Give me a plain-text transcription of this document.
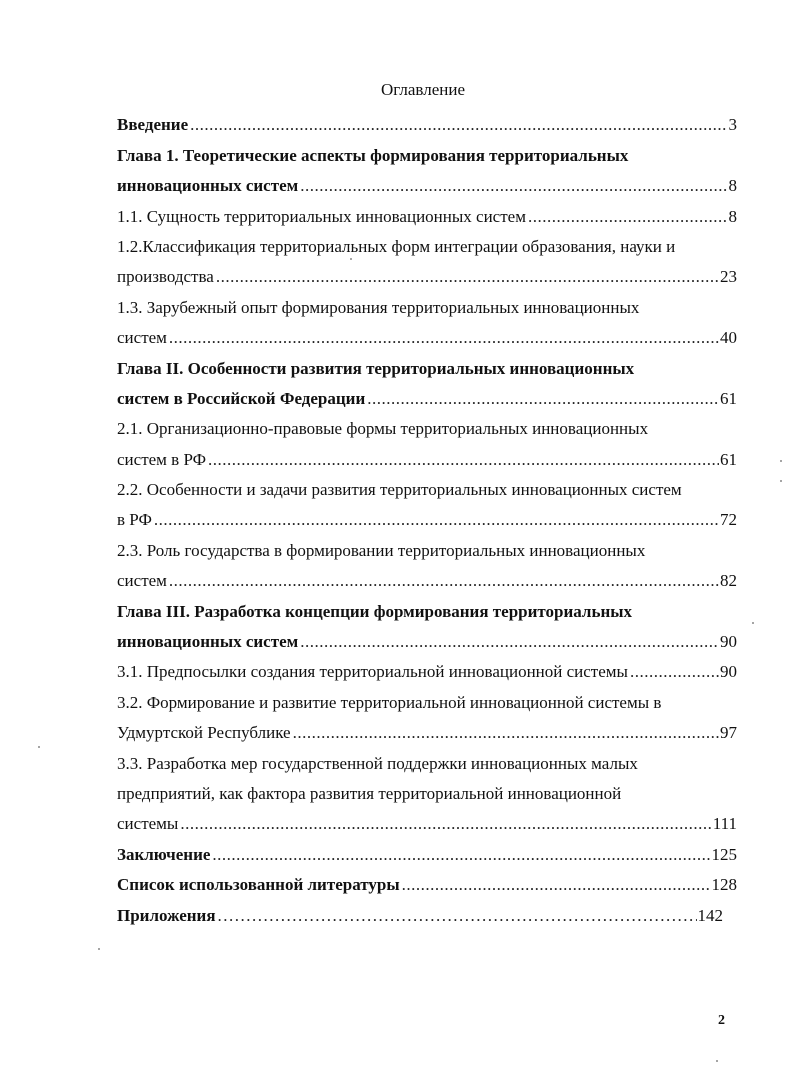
Оглавление
Введение .....	3
Глава 1. Теоретические аспекты формирования территориальных
инновационных систем .....	8
1.1. Сущность территориальных инновационных систем .....	8
1.2.Классификация территориальных форм интеграции образования, науки и
производства .....	23
1.3. Зарубежный опыт формирования территориальных инновационных
систем .....	40
Глава II. Особенности развития территориальных инновационных
систем в Российской Федерации .....	61
2.1. Организационно-правовые формы территориальных инновационных
систем в РФ .....	61
2.2. Особенности и задачи развития территориальных инновационных систем
в РФ .....	72
2.3. Роль государства в формировании территориальных инновационных
систем .....	82
Глава III. Разработка концепции формирования территориальных
инновационных систем .....	90
3.1. Предпосылки создания территориальной инновационной системы .....	90
3.2. Формирование и развитие территориальной инновационной системы в
Удмуртской Республике .....	97
3.3. Разработка мер государственной поддержки инновационных малых
предприятий, как фактора развития территориальной инновационной
системы .....	111
Заключение .....	125
Список использованной литературы .....	128
Приложения .....	142
2
